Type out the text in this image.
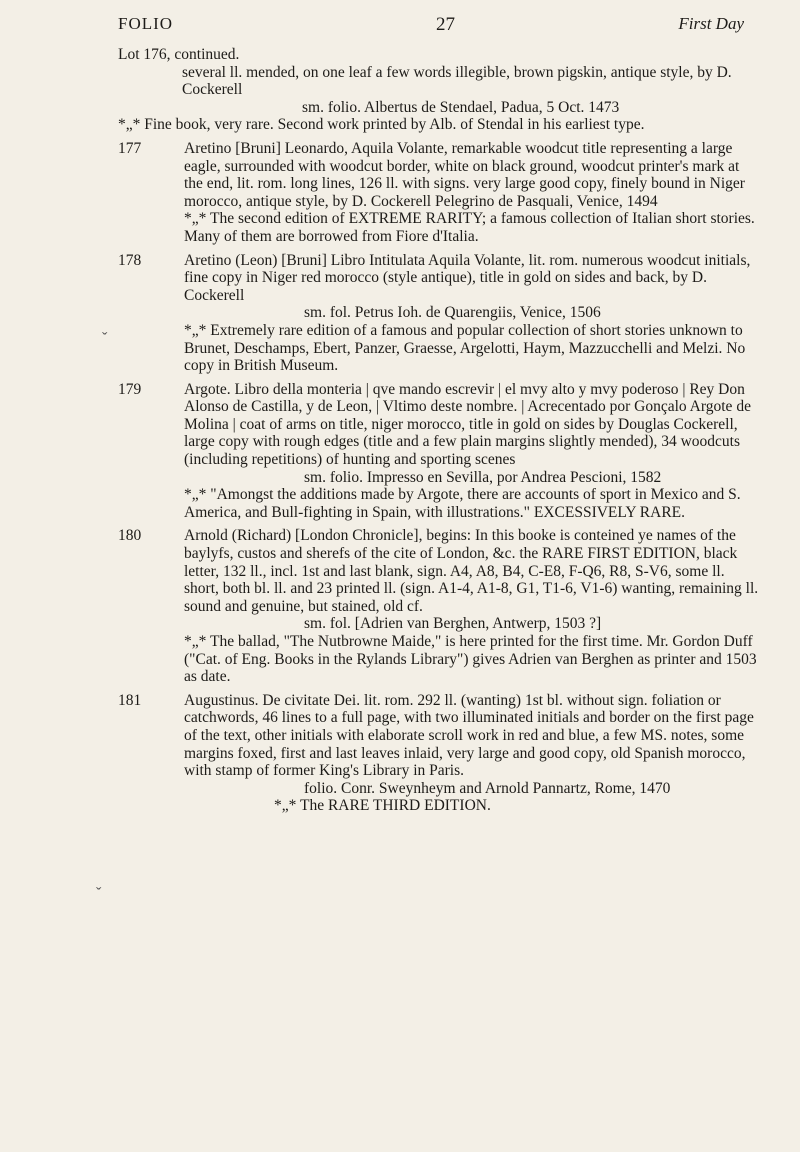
FOLIO	27	First Day
Lot 176, continued.
several ll. mended, on one leaf a few words illegible, brown pigskin, antique style, by D. Cockerell
sm. folio. Albertus de Stendael, Padua, 5 Oct. 1473
*„* Fine book, very rare. Second work printed by Alb. of Stendal in his earliest type.
177	Aretino [Bruni] Leonardo, Aquila Volante, remarkable woodcut title representing a large eagle, surrounded with woodcut border, white on black ground, woodcut printer's mark at the end, lit. rom. long lines, 126 ll. with signs. very large good copy, finely bound in Niger morocco, antique style, by D. Cockerell Pelegrino de Pasquali, Venice, 1494
*„* The second edition of EXTREME RARITY; a famous collection of Italian short stories. Many of them are borrowed from Fiore d'Italia.
178	Aretino (Leon) [Bruni] Libro Intitulata Aquila Volante, lit. rom. numerous woodcut initials, fine copy in Niger red morocco (style antique), title in gold on sides and back, by D. Cockerell
sm. fol. Petrus Ioh. de Quarengiis, Venice, 1506
*„* Extremely rare edition of a famous and popular collection of short stories unknown to Brunet, Deschamps, Ebert, Panzer, Graesse, Argelotti, Haym, Mazzucchelli and Melzi. No copy in British Museum.
179	Argote. Libro della monteria | qve mando escrevir | el mvy alto y mvy poderoso | Rey Don Alonso de Castilla, y de Leon, | Vltimo deste nombre. | Acrecentado por Gonçalo Argote de Molina | coat of arms on title, niger morocco, title in gold on sides by Douglas Cockerell, large copy with rough edges (title and a few plain margins slightly mended), 34 woodcuts (including repetitions) of hunting and sporting scenes
sm. folio. Impresso en Sevilla, por Andrea Pescioni, 1582
*„* "Amongst the additions made by Argote, there are accounts of sport in Mexico and S. America, and Bull-fighting in Spain, with illustrations." EXCESSIVELY RARE.
180	Arnold (Richard) [London Chronicle], begins: In this booke is conteined ye names of the baylyfs, custos and sherefs of the cite of London, &c. the RARE FIRST EDITION, black letter, 132 ll., incl. 1st and last blank, sign. A4, A8, B4, C-E8, F-Q6, R8, S-V6, some ll. short, both bl. ll. and 23 printed ll. (sign. A1-4, A1-8, G1, T1-6, V1-6) wanting, remaining ll. sound and genuine, but stained, old cf.
sm. fol. [Adrien van Berghen, Antwerp, 1503 ?]
*„* The ballad, "The Nutbrowne Maide," is here printed for the first time. Mr. Gordon Duff ("Cat. of Eng. Books in the Rylands Library") gives Adrien van Berghen as printer and 1503 as date.
181	Augustinus. De civitate Dei. lit. rom. 292 ll. (wanting) 1st bl. without sign. foliation or catchwords, 46 lines to a full page, with two illuminated initials and border on the first page of the text, other initials with elaborate scroll work in red and blue, a few MS. notes, some margins foxed, first and last leaves inlaid, very large and good copy, old Spanish morocco, with stamp of former King's Library in Paris.
folio. Conr. Sweynheym and Arnold Pannartz, Rome, 1470
*„* The RARE THIRD EDITION.
ˇ
ˇ
